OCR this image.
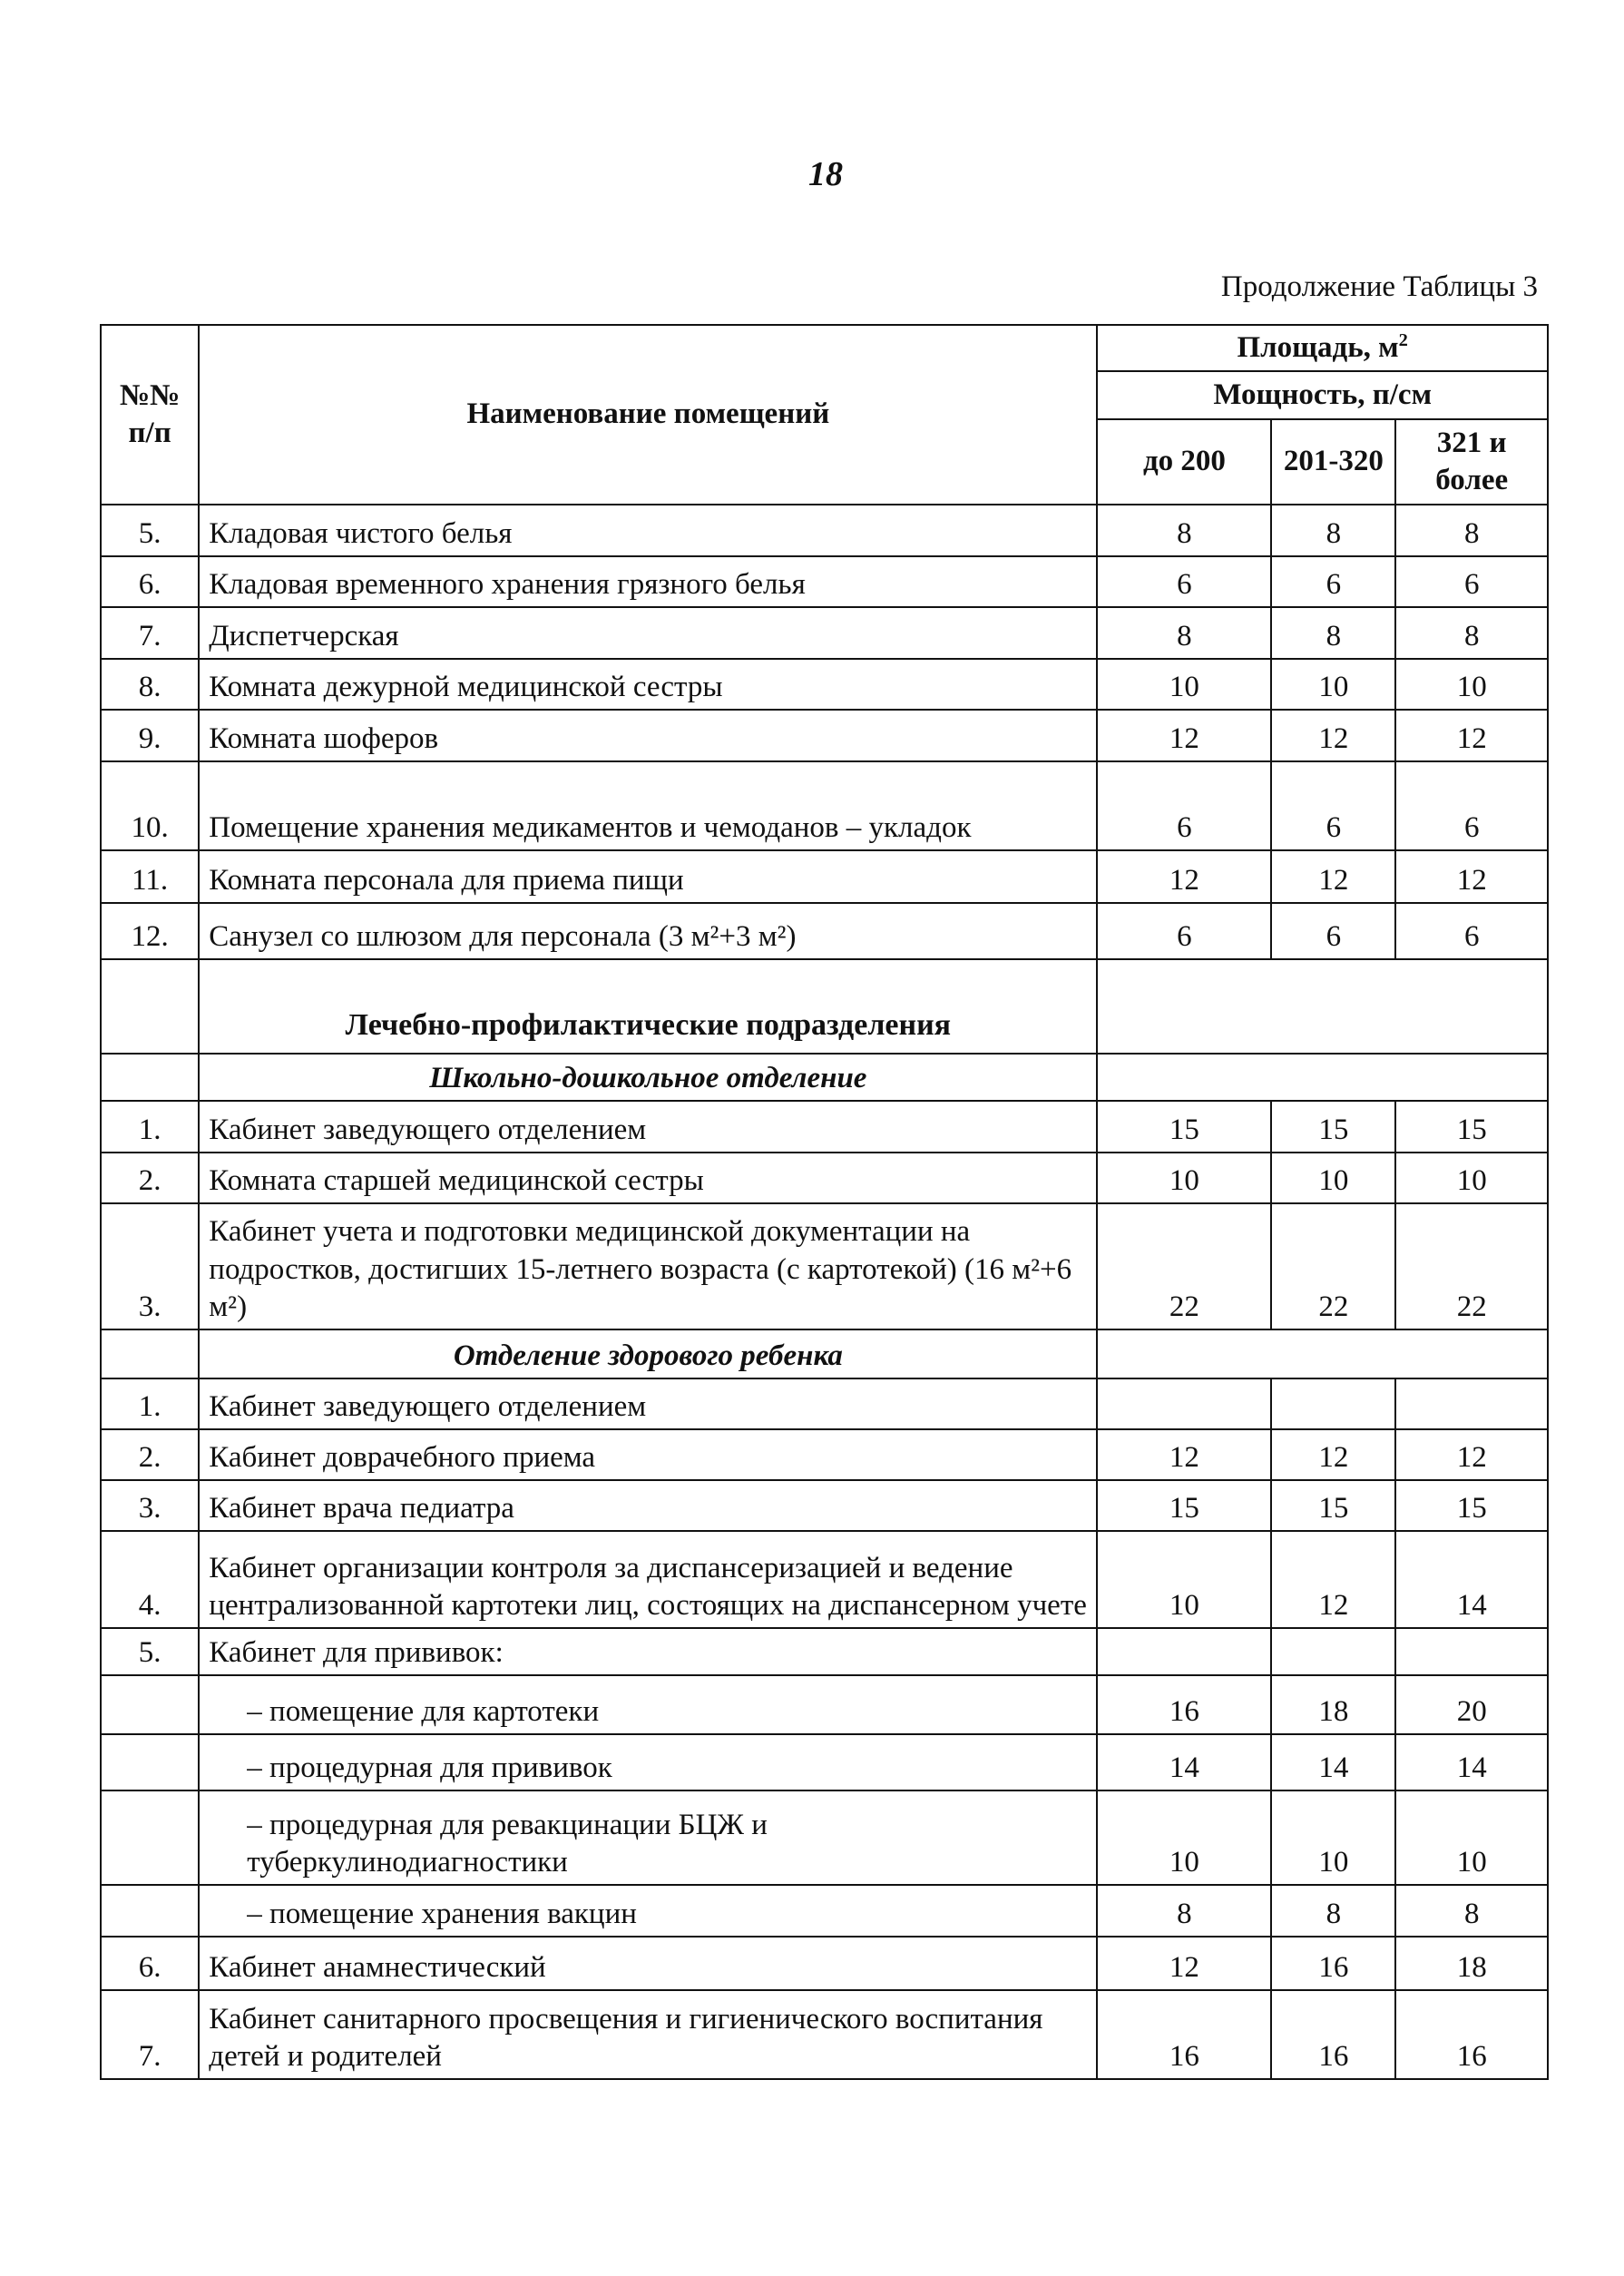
18
Продолжение Таблицы 3
№№ п/п	Наименование помещений	Площадь, $м^2$
		Мощность, п/см		
		до 200	201-320	321 и более
5.	Кладовая чистого белья	8	8	8
6.	Кладовая временного хранения грязного белья	6	6	6
7.	Диспетчерская	8	8	8
8.	Комната дежурной медицинской сестры	10	10	10
9.	Комната шоферов	12	12	12
10.	Помещение хранения медикаментов и чемоданов – укладок	6	6	6
11.	Комната персонала для приема пищи	12	12	12
12.	Санузел со шлюзом для персонала (3 м²+3 м²)	6	6	6
	Лечебно-профилактические подразделения			
	Школьно-дошкольное отделение			
1.	Кабинет заведующего отделением	15	15	15
2.	Комната старшей медицинской сестры	10	10	10
3.	Кабинет учета и подготовки медицинской документации на подростков, достигших 15-летнего возраста (с картотекой) (16 м²+6 м²)	22	22	22
	Отделение здорового ребенка			
1.	Кабинет заведующего отделением			
2.	Кабинет доврачебного приема	12	12	12
3.	Кабинет врача педиатра	15	15	15
4.	Кабинет организации контроля за диспансеризацией и ведение централизованной картотеки лиц, состоящих на диспансерном учете	10	12	14
5.	Кабинет для прививок:			
	– помещение для картотеки	16	18	20
	– процедурная для прививок	14	14	14
	– процедурная для ревакцинации БЦЖ и туберкулинодиагностики	10	10	10
	– помещение хранения вакцин	8	8	8
6.	Кабинет анамнестический	12	16	18
7.	Кабинет санитарного просвещения и гигиенического воспитания детей и родителей	16	16	16
